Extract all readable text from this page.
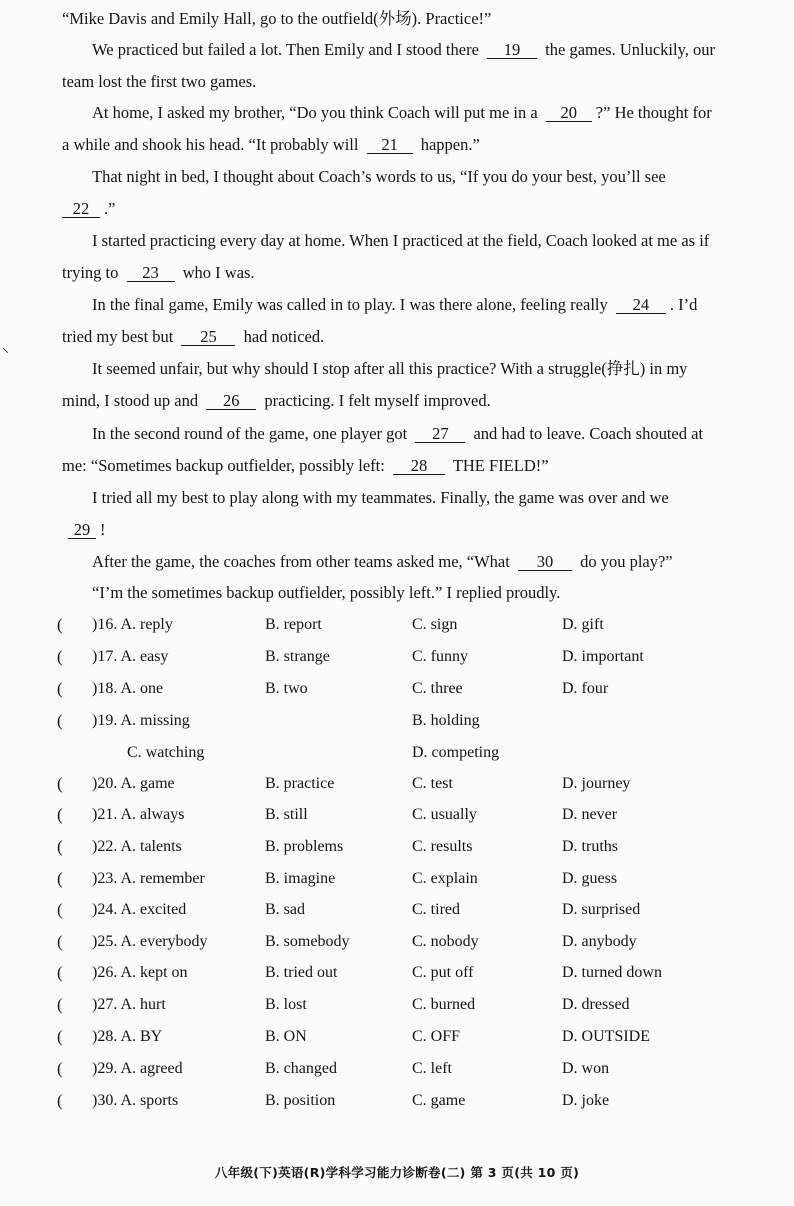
“Mike Davis and Emily Hall, go to the outfield(外场). Practice!”
We practiced but failed a lot. Then Emily and I stood there 19 the games. Unluckily, our
team lost the first two games.
At home, I asked my brother, “Do you think Coach will put me in a 20 ?” He thought for
a while and shook his head. “It probably will 21 happen.”
That night in bed, I thought about Coach’s words to us, “If you do your best, you’ll see
22 .”
I started practicing every day at home. When I practiced at the field, Coach looked at me as if
trying to 23 who I was.
In the final game, Emily was called in to play. I was there alone, feeling really 24 . I’d
tried my best but 25 had noticed.
It seemed unfair, but why should I stop after all this practice? With a struggle(挣扎) in my
mind, I stood up and 26 practicing. I felt myself improved.
In the second round of the game, one player got 27 and had to leave. Coach shouted at
me: “Sometimes backup outfielder, possibly left: 28 THE FIELD!”
I tried all my best to play along with my teammates. Finally, the game was over and we
29 !
After the game, the coaches from other teams asked me, “What 30 do you play?”
“I’m the sometimes backup outfielder, possibly left.” I replied proudly.
⸜
( )16. A. reply	B. report	C. sign	D. gift
( )17. A. easy	B. strange	C. funny	D. important
( )18. A. one	B. two	C. three	D. four
( )19. A. missing	B. holding
C. watching	D. competing
( )20. A. game	B. practice	C. test	D. journey
( )21. A. always	B. still	C. usually	D. never
( )22. A. talents	B. problems	C. results	D. truths
( )23. A. remember	B. imagine	C. explain	D. guess
( )24. A. excited	B. sad	C. tired	D. surprised
( )25. A. everybody	B. somebody	C. nobody	D. anybody
( )26. A. kept on	B. tried out	C. put off	D. turned down
( )27. A. hurt	B. lost	C. burned	D. dressed
( )28. A. BY	B. ON	C. OFF	D. OUTSIDE
( )29. A. agreed	B. changed	C. left	D. won
( )30. A. sports	B. position	C. game	D. joke
八年级(下)英语(R)学科学习能力诊断卷(二) 第 3 页(共 10 页)
